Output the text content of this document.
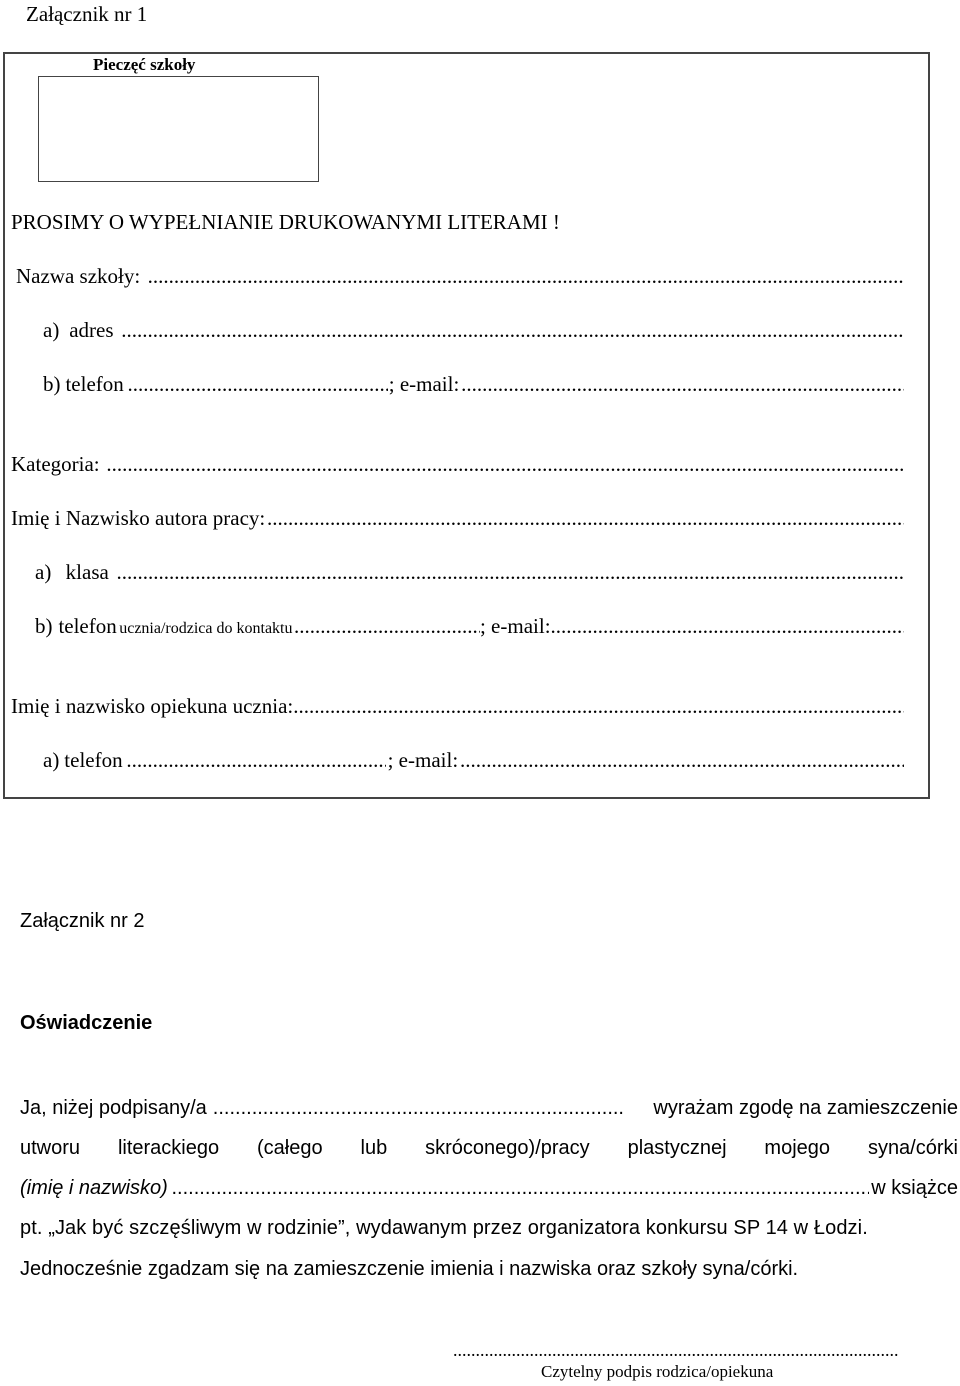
Załącznik nr 1
Pieczęć szkoły
PROSIMY O WYPEŁNIANIE DRUKOWANYMI LITERAMI !
Nazwa szkoły:
.....
a) adres
.....
b) telefon .....	; e-mail:
.....
Kategoria:
.....
Imię i Nazwisko autora pracy:
.....
a) klasa
.....
b) telefon ucznia/rodzica do kontaktu .....	; e-mail:
.....
Imię i nazwisko opiekuna ucznia:
.....
a) telefon .....	; e-mail:
.....
Załącznik nr 2
Oświadczenie
Ja, niżej podpisany/a .....	wyrażam zgodę na zamieszczenie
utworu literackiego (całego lub skróconego)/pracy plastycznej mojego syna/córki
(imię i nazwisko) .....	w książce
pt. „Jak być szczęśliwym w rodzinie”, wydawanym przez organizatora konkursu SP 14 w Łodzi.
Jednocześnie zgadzam się na zamieszczenie imienia i nazwiska oraz szkoły syna/córki.
.....
Czytelny podpis rodzica/opiekuna
